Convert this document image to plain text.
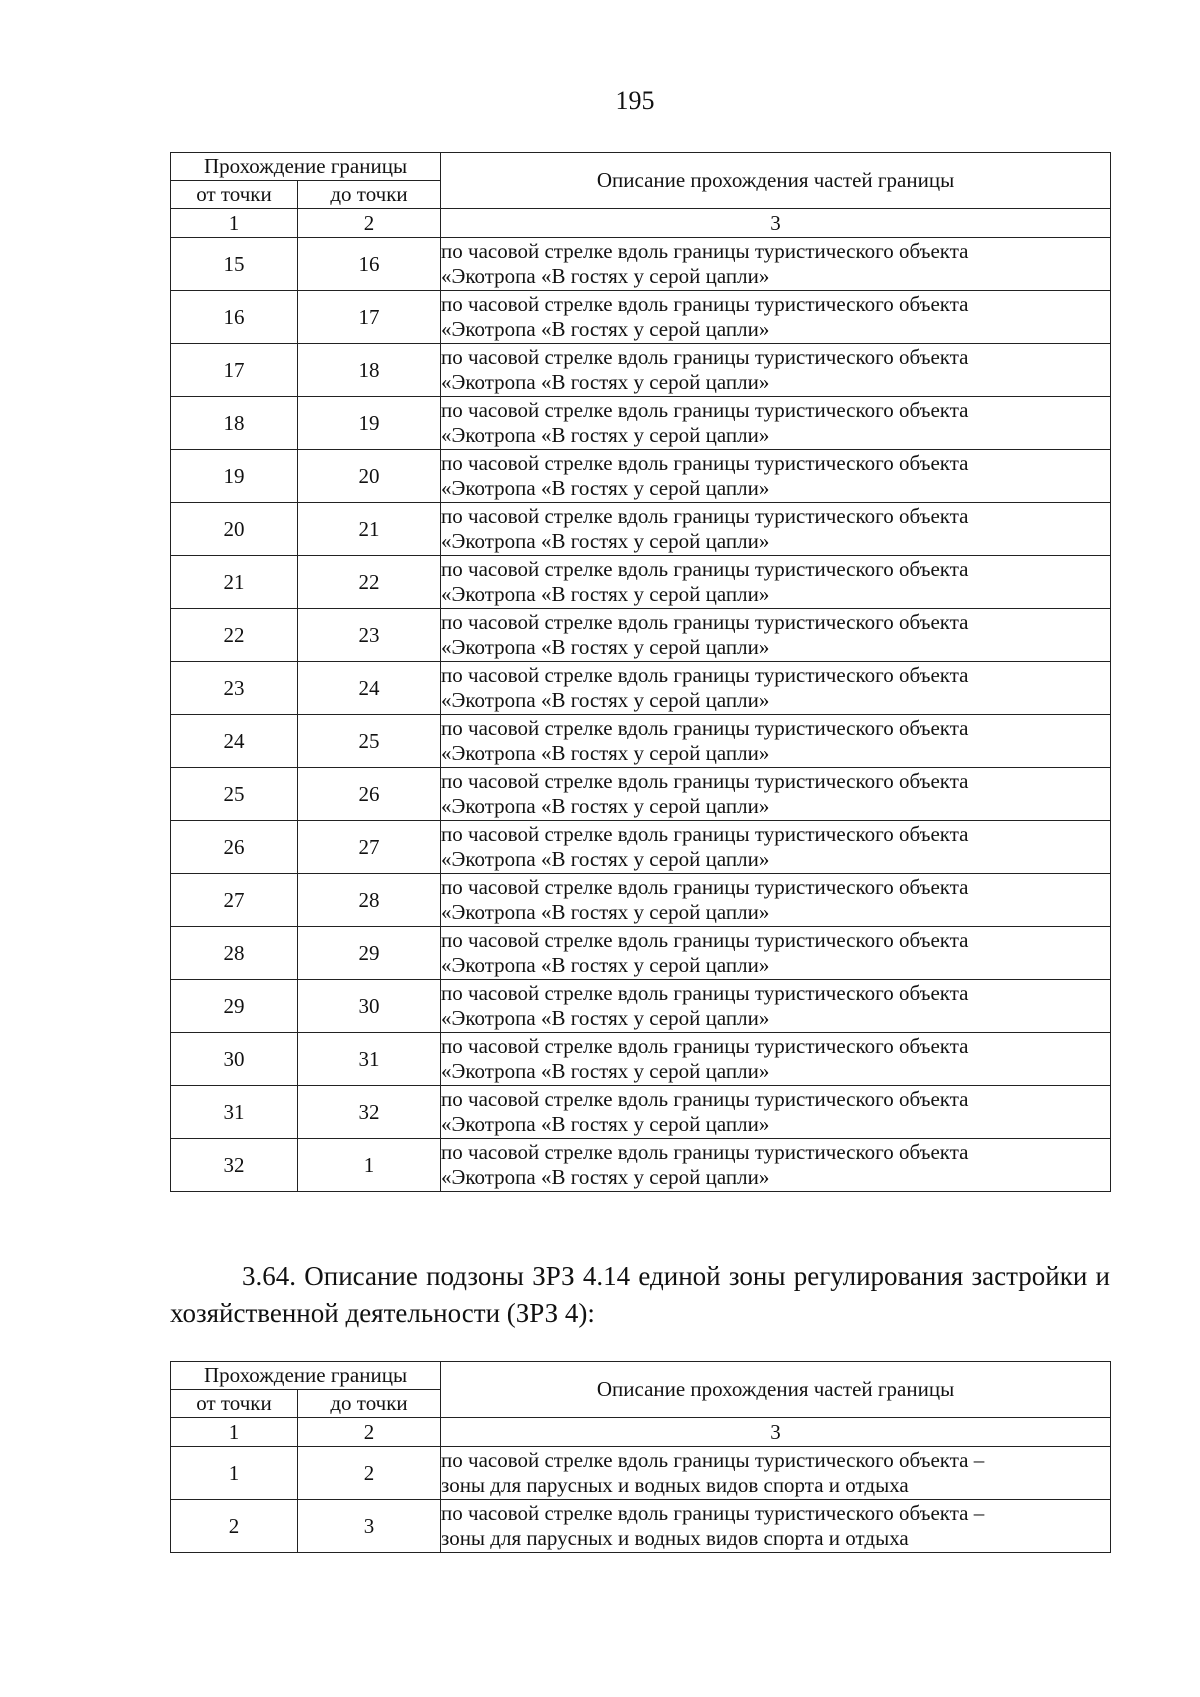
195
Прохождение границы		Описание прохождения частей границы
от точки	до точки	
1	2	3
15	16	по часовой стрелке вдоль границы туристического объекта
«Экотропа «В гостях у серой цапли»

16	17	по часовой стрелке вдоль границы туристического объекта
«Экотропа «В гостях у серой цапли»

17	18	по часовой стрелке вдоль границы туристического объекта
«Экотропа «В гостях у серой цапли»

18	19	по часовой стрелке вдоль границы туристического объекта
«Экотропа «В гостях у серой цапли»

19	20	по часовой стрелке вдоль границы туристического объекта
«Экотропа «В гостях у серой цапли»

20	21	по часовой стрелке вдоль границы туристического объекта
«Экотропа «В гостях у серой цапли»

21	22	по часовой стрелке вдоль границы туристического объекта
«Экотропа «В гостях у серой цапли»

22	23	по часовой стрелке вдоль границы туристического объекта
«Экотропа «В гостях у серой цапли»

23	24	по часовой стрелке вдоль границы туристического объекта
«Экотропа «В гостях у серой цапли»

24	25	по часовой стрелке вдоль границы туристического объекта
«Экотропа «В гостях у серой цапли»

25	26	по часовой стрелке вдоль границы туристического объекта
«Экотропа «В гостях у серой цапли»

26	27	по часовой стрелке вдоль границы туристического объекта
«Экотропа «В гостях у серой цапли»

27	28	по часовой стрелке вдоль границы туристического объекта
«Экотропа «В гостях у серой цапли»

28	29	по часовой стрелке вдоль границы туристического объекта
«Экотропа «В гостях у серой цапли»

29	30	по часовой стрелке вдоль границы туристического объекта
«Экотропа «В гостях у серой цапли»

30	31	по часовой стрелке вдоль границы туристического объекта
«Экотропа «В гостях у серой цапли»

31	32	по часовой стрелке вдоль границы туристического объекта
«Экотропа «В гостях у серой цапли»

32	1	по часовой стрелке вдоль границы туристического объекта
«Экотропа «В гостях у серой цапли»

3.64. Описание подзоны ЗРЗ 4.14 единой зоны регулирования застройки и хозяйственной деятельности (ЗРЗ 4):

Прохождение границы		Описание прохождения частей границы
от точки	до точки	
1	2	3
1	2	по часовой стрелке вдоль границы туристического объекта –
зоны для парусных и водных видов спорта и отдыха

2	3	по часовой стрелке вдоль границы туристического объекта –
зоны для парусных и водных видов спорта и отдыха
